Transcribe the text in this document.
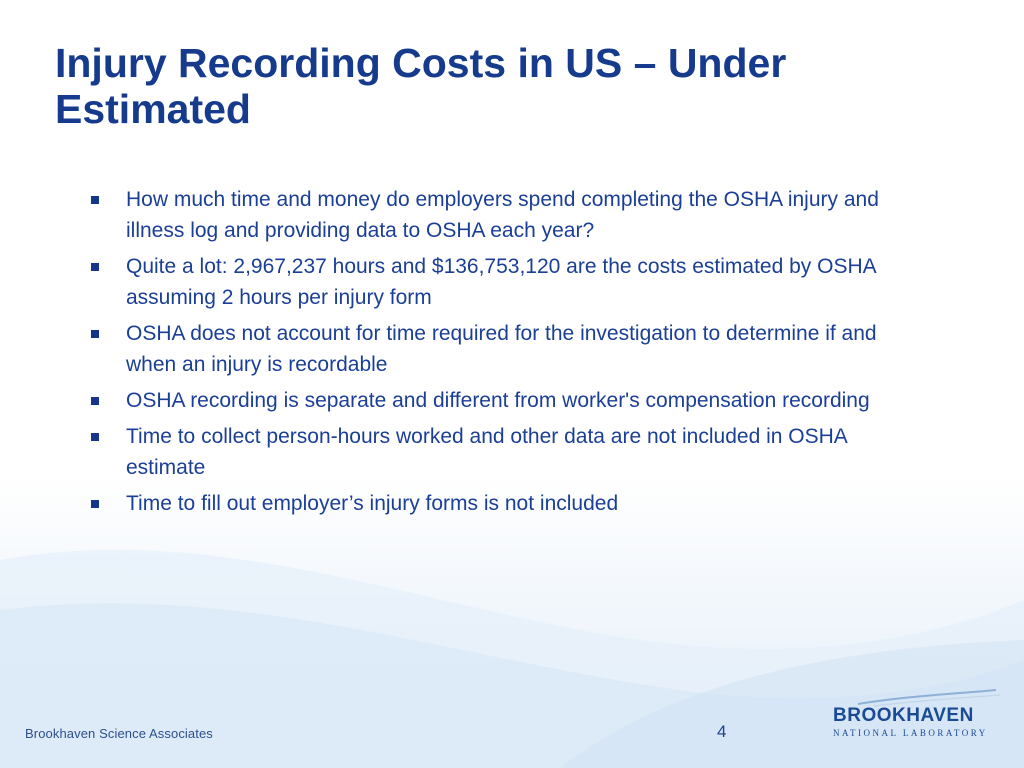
Injury Recording Costs in US – Under Estimated
How much time and money do employers spend completing the OSHA injury and illness log and providing data to OSHA each year?
Quite a lot: 2,967,237 hours and $136,753,120 are the costs estimated by OSHA assuming 2 hours per injury form
OSHA does not account for time required for the investigation to determine if and when an injury is recordable
OSHA recording is separate and different from worker's compensation recording
Time to collect person-hours worked and other data are not included in OSHA estimate
Time to fill out employer’s injury forms is not included
Brookhaven Science Associates	4
BROOKHAVEN
NATIONAL LABORATORY
